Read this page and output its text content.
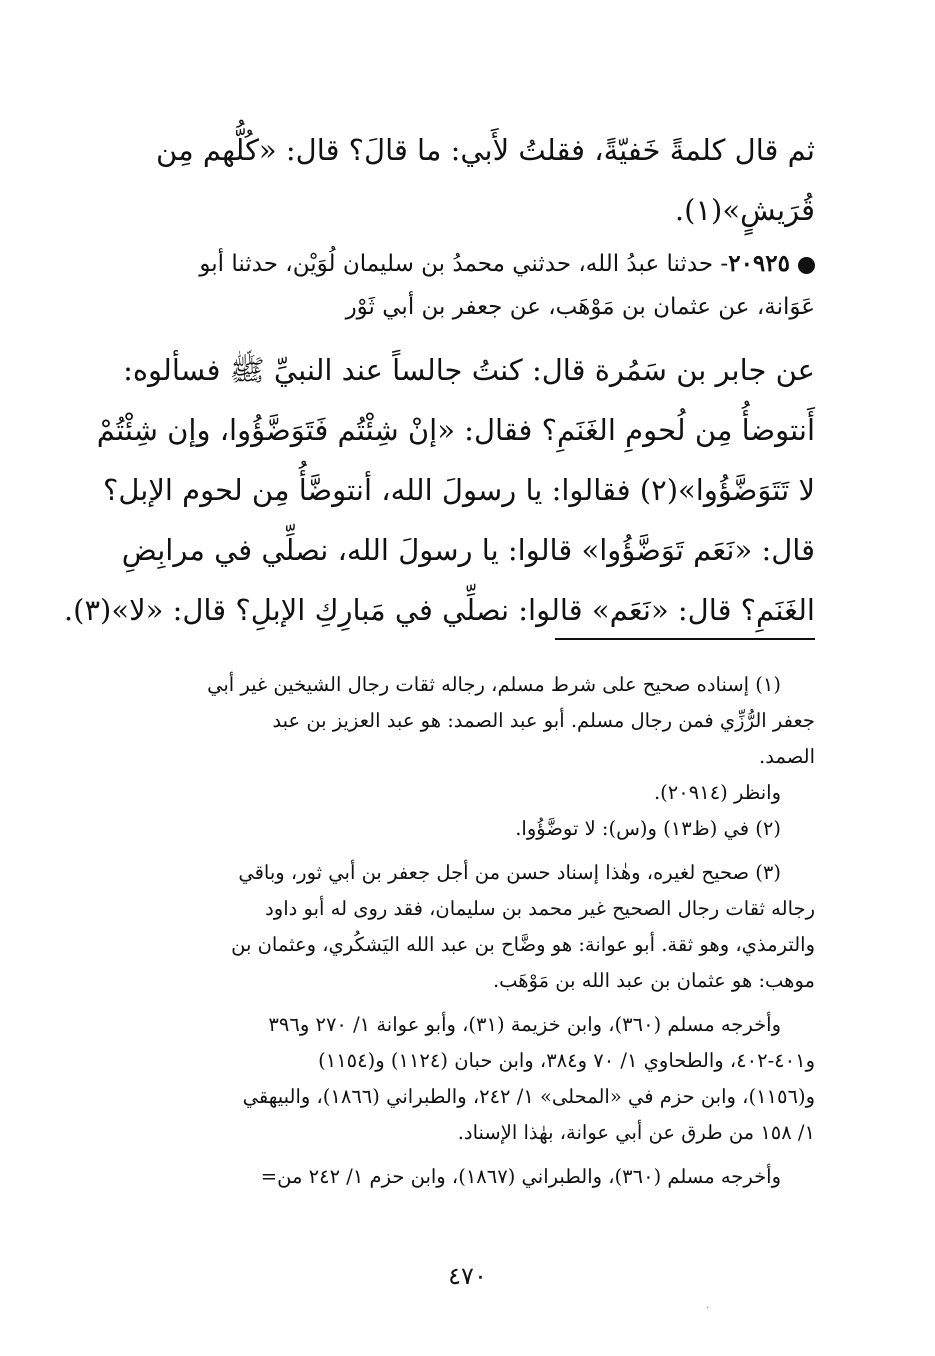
ثم قال كلمةً خَفيّةً، فقلتُ لأَبي: ما قالَ؟ قال: «كُلُّهم مِن
قُرَيشٍ»(١).
٢٠٩٢٥- حدثنا عبدُ الله، حدثني محمدُ بن سليمان لُوَيْن، حدثنا أبو
عَوَانة، عن عثمان بن مَوْهَب، عن جعفر بن أبي ثَوْر
عن جابر بن سَمُرة قال: كنتُ جالساً عند النبيِّ ﷺ فسألوه:
أَنتوضأُ مِن لُحومِ الغَنَمِ؟ فقال: «إنْ شِئْتُم فَتَوَضَّؤُوا، وإن شِئْتُمْ
لا تَتَوَضَّؤُوا»(٢) فقالوا: يا رسولَ الله، أنتوضَّأُ مِن لحوم الإبل؟
قال: «نَعَم تَوَضَّؤُوا» قالوا: يا رسولَ الله، نصلِّي في مرابِضِ
الغَنَمِ؟ قال: «نَعَم» قالوا: نصلِّي في مَبارِكِ الإبلِ؟ قال: «لا»(٣).

(١) إسناده صحيح على شرط مسلم، رجاله ثقات رجال الشيخين غير أبي

جعفر الرُّزِّي فمن رجال مسلم. أبو عبد الصمد: هو عبد العزيز بن عبد

الصمد.

وانظر (٢٠٩١٤).

(٢) في (ظ١٣) و(س): لا توضَّؤُوا.

(٣) صحيح لغيره، وهٰذا إسناد حسن من أجل جعفر بن أبي ثور، وباقي

رجاله ثقات رجال الصحيح غير محمد بن سليمان، فقد روى له أبو داود

والترمذي، وهو ثقة. أبو عوانة: هو وضَّاح بن عبد الله اليَشكُري، وعثمان بن

موهب: هو عثمان بن عبد الله بن مَوْهَب.

وأخرجه مسلم (٣٦٠)، وابن خزيمة (٣١)، وأبو عوانة ١/ ٢٧٠ و٣٩٦

و٤٠١-٤٠٢، والطحاوي ١/ ٧٠ و٣٨٤، وابن حبان (١١٢٤) و(١١٥٤)

و(١١٥٦)، وابن حزم في «المحلى» ١/ ٢٤٢، والطبراني (١٨٦٦)، والبيهقي

١/ ١٥٨ من طرق عن أبي عوانة، بهٰذا الإسناد.

وأخرجه مسلم (٣٦٠)، والطبراني (١٨٦٧)، وابن حزم ١/ ٢٤٢ من=

٤٧٠
·
